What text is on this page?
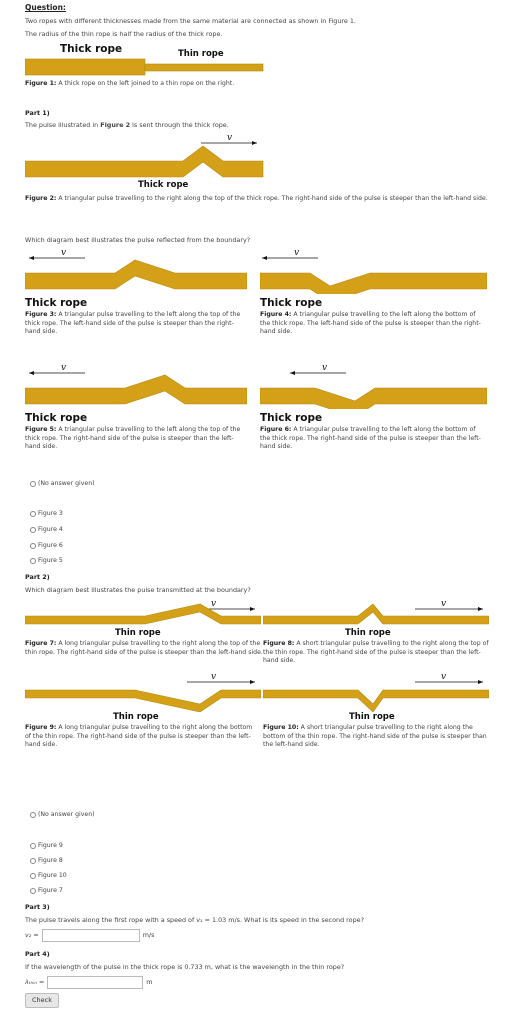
Question:
Two ropes with different thicknesses made from the same material are connected as shown in Figure 1.
The radius of the thin rope is half the radius of the thick rope.
Thick rope	Thin rope
Figure 1: A thick rope on the left joined to a thin rope on the right.
Part 1)
The pulse illustrated in Figure 2 is sent through the thick rope.
v
Thick rope
Figure 2: A triangular pulse travelling to the right along the top of the thick rope. The right-hand side of the pulse is steeper than the left-hand side.
Which diagram best illustrates the pulse reflected from the boundary?
v
Thick rope
Figure 3: A triangular pulse travelling to the left along the top of the thick rope. The left-hand side of the pulse is steeper than the right-hand side.
v
Thick rope
Figure 4: A triangular pulse travelling to the left along the bottom of the thick rope. The left-hand side of the pulse is steeper than the right-hand side.
v
Thick rope
Figure 5: A triangular pulse travelling to the left along the top of the thick rope. The right-hand side of the pulse is steeper than the left-hand side.
v
Thick rope
Figure 6: A triangular pulse travelling to the left along the bottom of the thick rope. The right-hand side of the pulse is steeper than the left-hand side.
(No answer given)
Figure 3
Figure 4
Figure 6
Figure 5
Part 2)
Which diagram best illustrates the pulse transmitted at the boundary?
v
Thin rope
Figure 7: A long triangular pulse travelling to the right along the top of the thin rope. The right-hand side of the pulse is steeper than the left-hand side.
v
Thin rope
Figure 8: A short triangular pulse travelling to the right along the top of the thin rope. The right-hand side of the pulse is steeper than the left-hand side.
v
Thin rope
Figure 9: A long triangular pulse travelling to the right along the bottom of the thin rope. The right-hand side of the pulse is steeper than the left-hand side.
v
Thin rope
Figure 10: A short triangular pulse travelling to the right along the bottom of the thin rope. The right-hand side of the pulse is steeper than the left-hand side.
(No answer given)
Figure 9
Figure 8
Figure 10
Figure 7
Part 3)
The pulse travels along the first rope with a speed of v₁ = 1.03 m/s. What is its speed in the second rope?
v₂ =	m/s
Part 4)
If the wavelength of the pulse in the thick rope is 0.733 m, what is the wavelength in the thin rope?
λₜₕᵢₙ =	m
Check
